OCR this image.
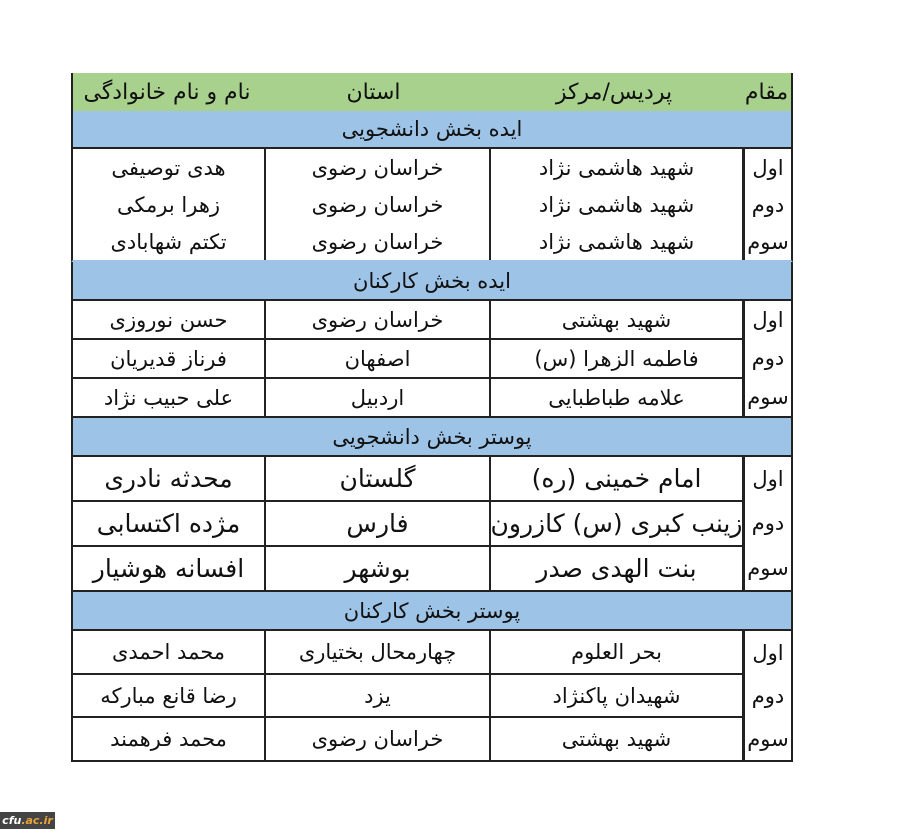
مقام
پردیس/مرکز
استان
نام و نام خانوادگی
ایده بخش دانشجویی
اول
دوم
سوم
شهید هاشمی نژاد
خراسان رضوی
هدی توصیفی
شهید هاشمی نژاد
خراسان رضوی
زهرا برمکی
شهید هاشمی نژاد
خراسان رضوی
تکتم شهابادی
ایده بخش کارکنان
اول
دوم
سوم
شهید بهشتی
خراسان رضوی
حسن نوروزی
فاطمه الزهرا (س)
اصفهان
فرناز قدیریان
علامه طباطبایی
اردبیل
علی حبیب نژاد
پوستر بخش دانشجویی
اول
دوم
سوم
امام خمینی (ره)
گلستان
محدثه نادری
زینب کبری (س) کازرون
فارس
مژده اکتسابی
بنت الهدی صدر
بوشهر
افسانه هوشیار
پوستر بخش کارکنان
اول
دوم
سوم
بحر العلوم
چهارمحال بختیاری
محمد احمدی
شهیدان پاکنژاد
یزد
رضا قانع مبارکه
شهید بهشتی
خراسان رضوی
محمد فرهمند
cfu .ac.ir
